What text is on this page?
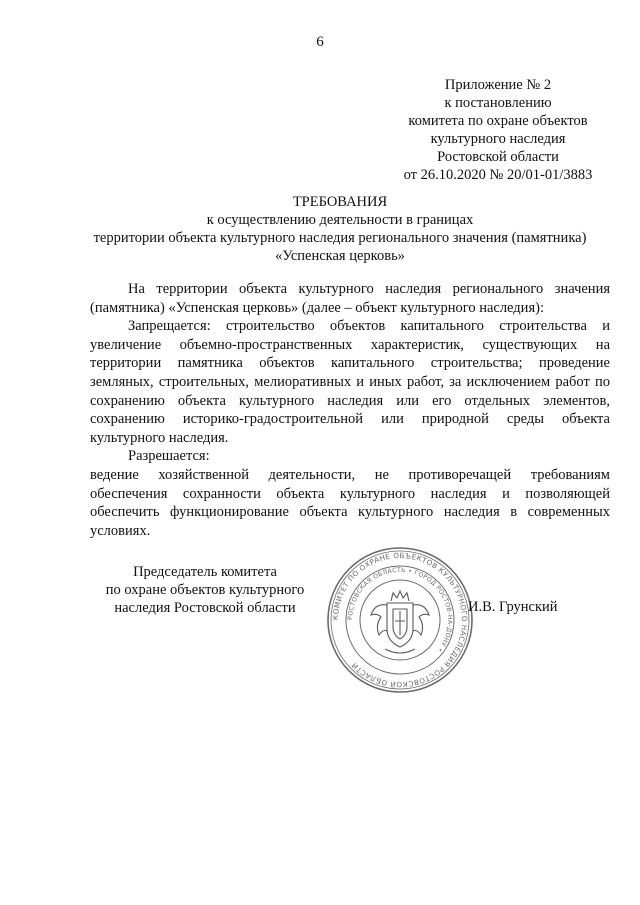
6
Приложение № 2
к постановлению
комитета по охране объектов
культурного наследия
Ростовской области
от 26.10.2020 № 20/01-01/3883
ТРЕБОВАНИЯ
к осуществлению деятельности в границах
территории объекта культурного наследия регионального значения (памятника)
«Успенская церковь»

На территории объекта культурного наследия регионального значения (памятника) «Успенская церковь» (далее – объект культурного наследия):

Запрещается: строительство объектов капитального строительства и увеличение объемно-пространственных характеристик, существующих на территории памятника объектов капитального строительства; проведение земляных, строительных, мелиоративных и иных работ, за исключением работ по сохранению объекта культурного наследия или его отдельных элементов, сохранению историко-градостроительной или природной среды объекта культурного наследия.

Разрешается:

ведение хозяйственной деятельности, не противоречащей требованиям обеспечения сохранности объекта культурного наследия и позволяющей обеспечить функционирование объекта культурного наследия в современных условиях.

Председатель комитета
по охране объектов культурного
наследия Ростовской области
КОМИТЕТ ПО ОХРАНЕ ОБЪЕКТОВ КУЛЬТУРНОГО НАСЛЕДИЯ РОСТОВСКОЙ ОБЛАСТИ
РОСТОВСКАЯ ОБЛАСТЬ • ГОРОД РОСТОВ-НА-ДОНУ •
И.В. Грунский
